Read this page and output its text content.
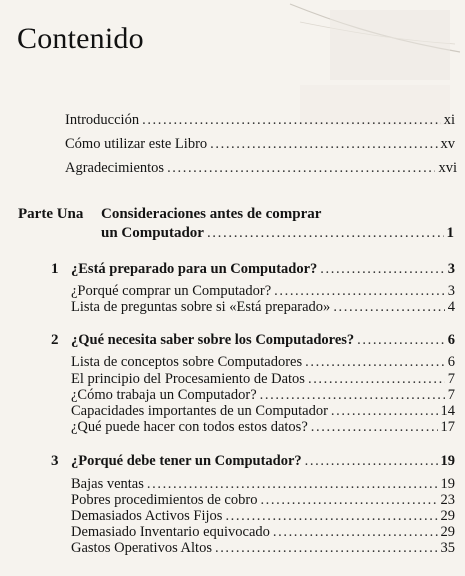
Contenido
Introducción .....	xi
Cómo utilizar este Libro .....	xv
Agradecimientos .....	xvi
Parte Una Consideraciones antes de comprar
un Computador .....	1
1 ¿Está preparado para un Computador? .....	3
¿Porqué comprar un Computador? .....	3
Lista de preguntas sobre si «Está preparado» .....	4
2 ¿Qué necesita saber sobre los Computadores? .....	6
Lista de conceptos sobre Computadores .....	6
El principio del Procesamiento de Datos .....	7
¿Cómo trabaja un Computador? .....	7
Capacidades importantes de un Computador .....	14
¿Qué puede hacer con todos estos datos? .....	17
3 ¿Porqué debe tener un Computador? .....	19
Bajas ventas .....	19
Pobres procedimientos de cobro .....	23
Demasiados Activos Fijos .....	29
Demasiado Inventario equivocado .....	29
Gastos Operativos Altos .....	35
